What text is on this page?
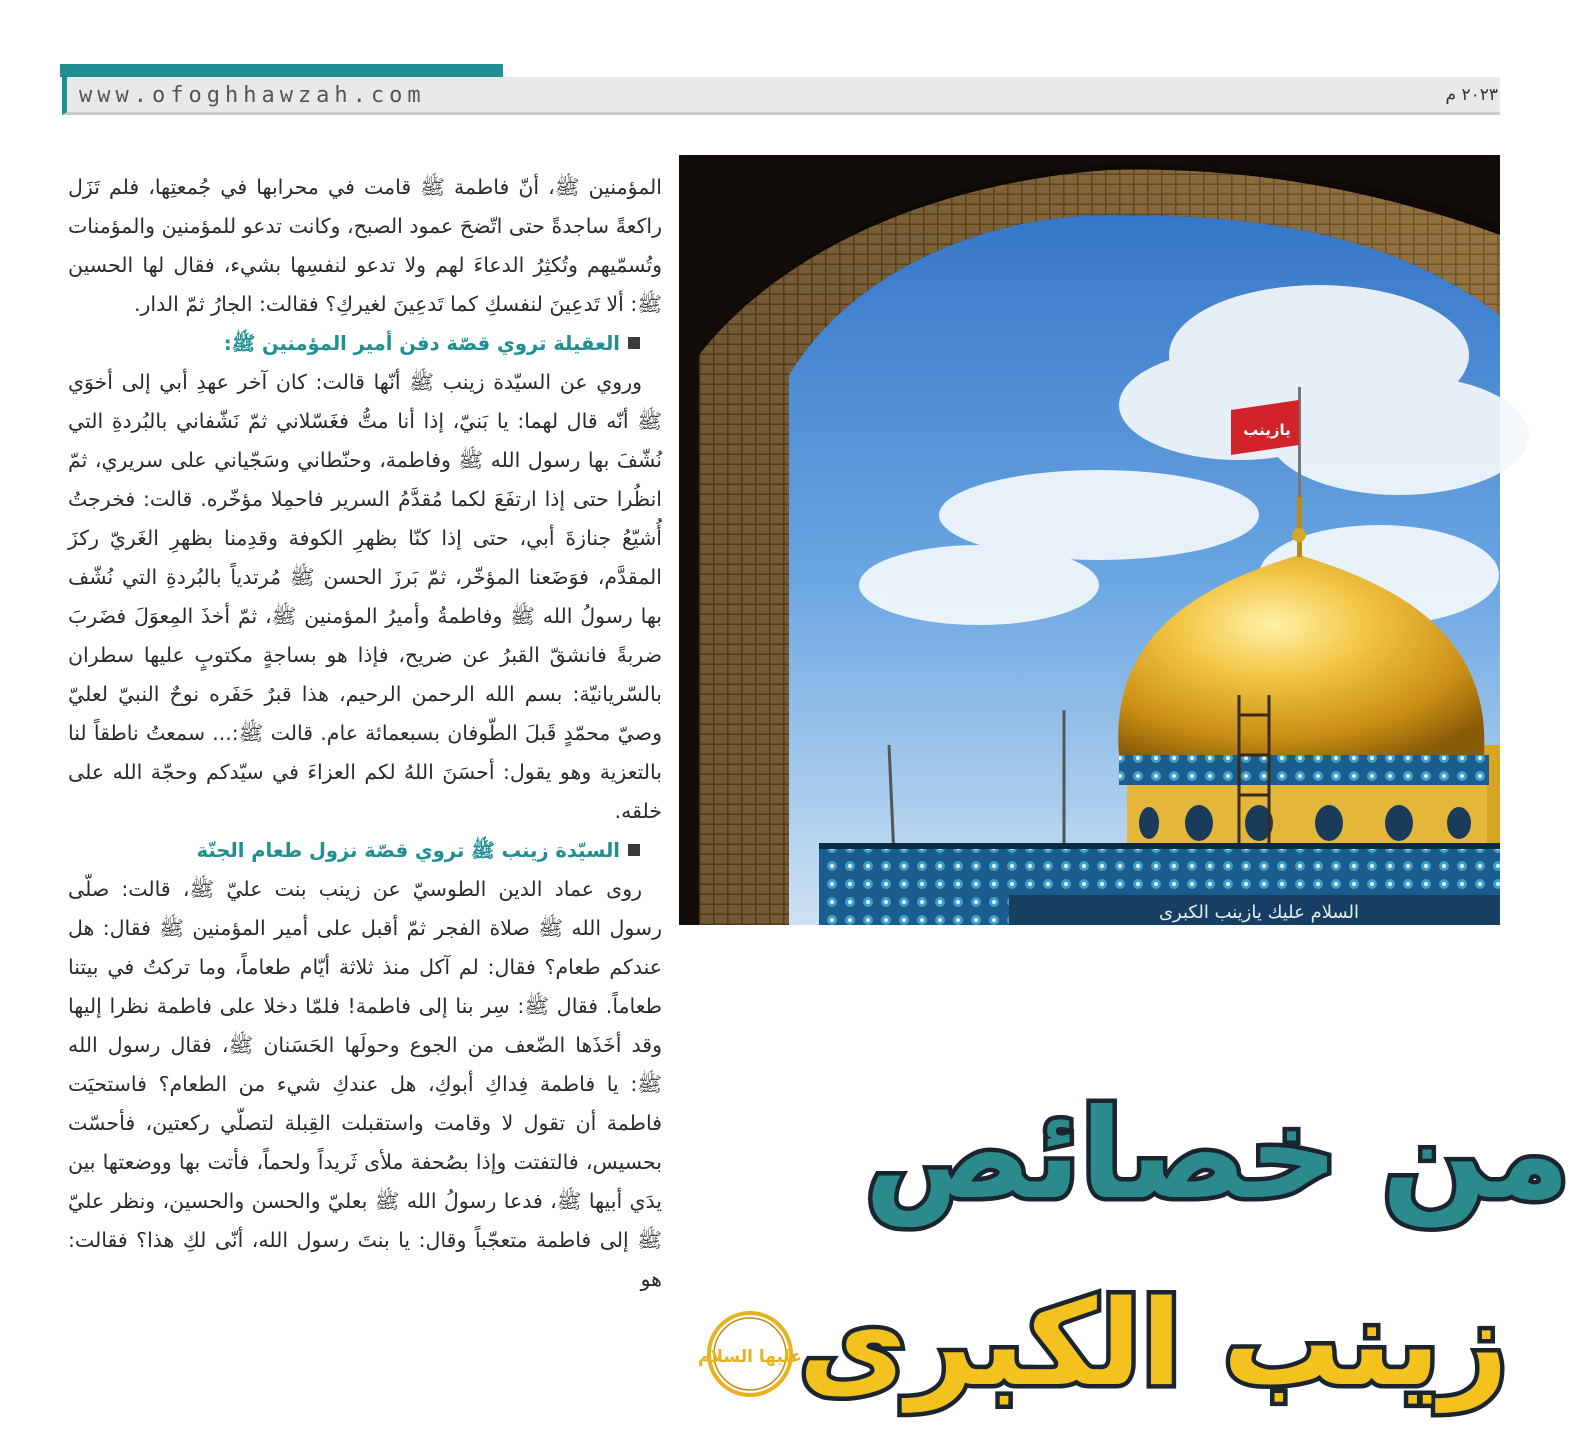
www.ofoghhawzah.com	٢٠٢٣ م

المؤمنين ﷺ، أنّ فاطمة ﷺ قامت في محرابها في جُمعتِها، فلم تَزَل راكعةً ساجدةً حتى اتّضحَ عمود الصبح، وكانت تدعو للمؤمنين والمؤمنات وتُسمّيهم وتُكثِرُ الدعاءَ لهم ولا تدعو لنفسِها بشيء، فقال لها الحسين ﷺ: ألا تَدعِينَ لنفسكِ كما تَدعِينَ لغيركِ؟ فقالت: الجارُ ثمّ الدار.

العقيلة تروي قصّة دفن أمير المؤمنين ﷺ:

وروي عن السيّدة زينب ﷺ أنّها قالت: كان آخر عهدِ أبي إلى أخوَي ﷺ أنّه قال لهما: يا بَنيّ، إذا أنا متُّ فغَسّلاني ثمّ نَشّفاني بالبُردةِ التي نُشّفَ بها رسول الله ﷺ وفاطمة، وحنّطاني وسَجّياني على سريري، ثمّ انظُرا حتى إذا ارتفَعَ لكما مُقدَّمُ السرير فاحمِلا مؤخّره. قالت: فخرجتُ أُشيّعُ جنازةَ أبي، حتى إذا كنّا بظهرِ الكوفة وقدِمنا بظهرِ الغَريّ ركزَ المقدَّم، فوَضَعنا المؤخّر، ثمّ بَرزَ الحسن ﷺ مُرتدياً بالبُردةِ التي نُشّف بها رسولُ الله ﷺ وفاطمةُ وأميرُ المؤمنين ﷺ، ثمّ أخذَ المِعوَلَ فضَربَ ضربةً فانشقّ القبرُ عن ضريح، فإذا هو بساجةٍ مكتوبٍ عليها سطران بالسّريانيّة: بسم الله الرحمن الرحيم، هذا قبرٌ حَفَره نوحٌ النبيّ لعليّ وصيّ محمّدٍ قَبلَ الطّوفان بسبعمائة عام. قالت ﷺ:... سمعتُ ناطقاً لنا بالتعزية وهو يقول: أحسَنَ اللهُ لكم العزاءَ في سيّدكم وحجّة الله على خلقه.

السيّدة زينب ﷺ تروي قصّة نزول طعام الجنّة

روى عماد الدين الطوسيّ عن زينب بنت عليّ ﷺ، قالت: صلّى رسول الله ﷺ صلاة الفجر ثمّ أقبل على أمير المؤمنين ﷺ فقال: هل عندكم طعام؟ فقال: لم آكل منذ ثلاثة أيّام طعاماً، وما تركتُ في بيتنا طعاماً. فقال ﷺ: سِر بنا إلى فاطمة! فلمّا دخلا على فاطمة نظرا إليها وقد أخَذَها الضّعف من الجوع وحولَها الحَسَنان ﷺ، فقال رسول الله ﷺ: يا فاطمة فِداكِ أبوكِ، هل عندكِ شيء من الطعام؟ فاستحيَت فاطمة أن تقول لا وقامت واستقبلت القِبلة لتصلّي ركعتين، فأحسّت بحسيس، فالتفتت وإذا بصُحفة ملأى ثَريداً ولحماً، فأتت بها ووضعتها بين يدَي أبيها ﷺ، فدعا رسولُ الله ﷺ بعليّ والحسن والحسين، ونظر عليّ ﷺ إلى فاطمة متعجّباً وقال: يا بنتَ رسول الله، أنّى لكِ هذا؟ فقالت: هو

يازينب
السلام عليك يازينب الكبرى
من خصائص
زينب الكبرى
عليها السلام
